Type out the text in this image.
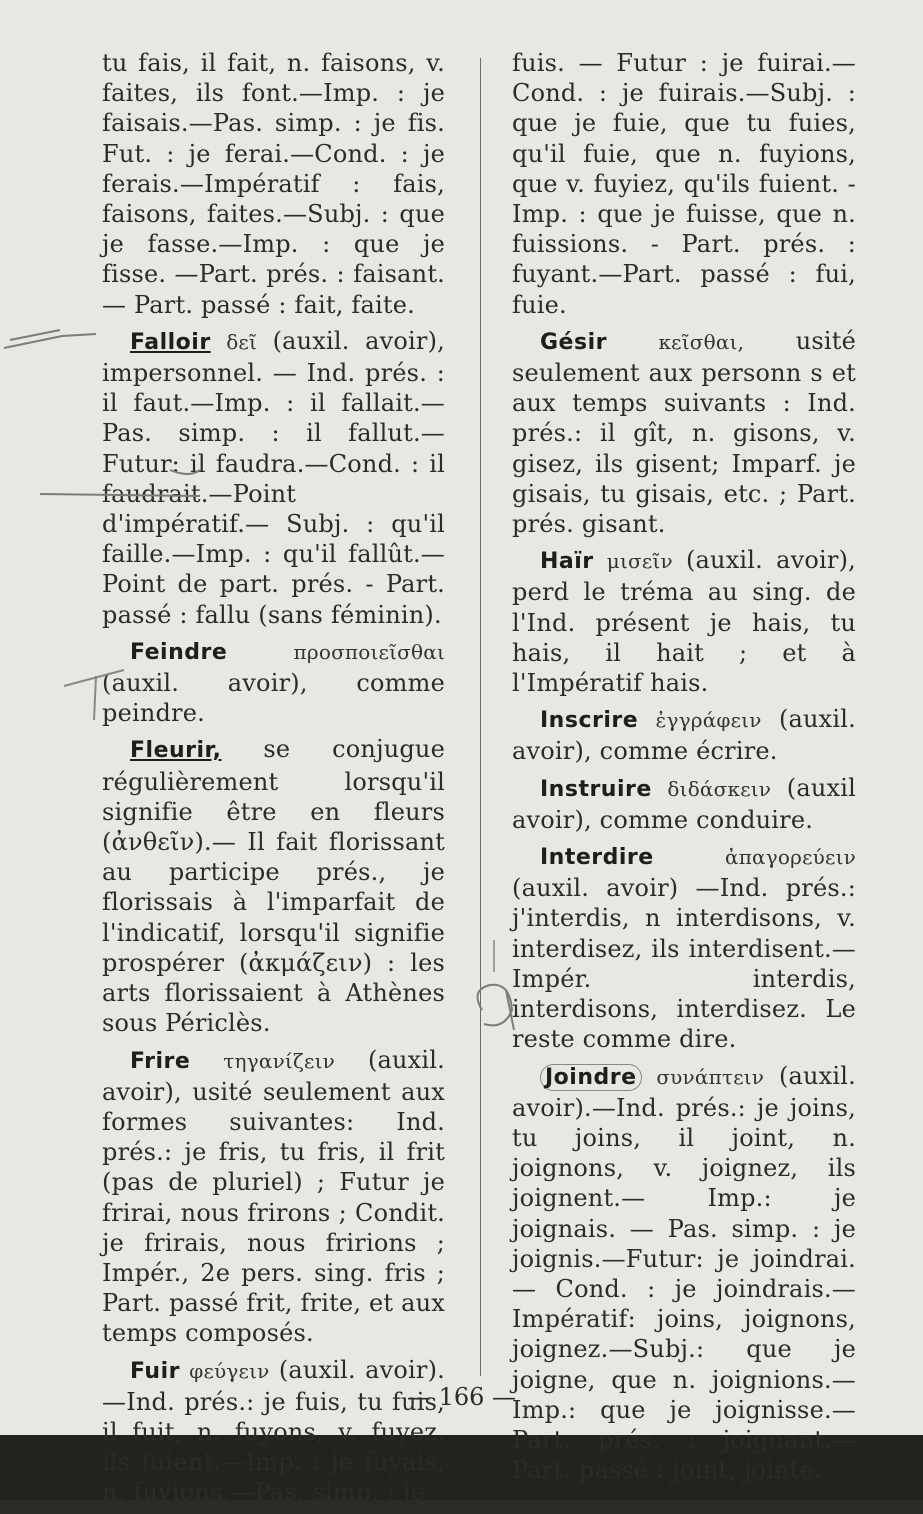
tu fais, il fait, n. faisons, v. faites, ils font.—Imp. : je faisais.—Pas. simp. : je fis. Fut. : je ferai.—Cond. : je ferais.—Impératif : fais, faisons, faites.—Subj. : que je fasse.—Imp. : que je fisse. —Part. prés. : faisant.— Part. passé : fait, faite.

Falloir δεῖ (auxil. avoir), impersonnel. — Ind. prés. : il faut.—Imp. : il fallait.— Pas. simp. : il fallut.—Futur: il faudra.—Cond. : il faudrait.—Point d'impératif.— Subj. : qu'il faille.—Imp. : qu'il fallût.—Point de part. prés. - Part. passé : fallu (sans féminin).

Feindre	προσποιεῖσθαι (auxil. avoir), comme peindre.

Fleurir, se conjugue régulièrement lorsqu'il signifie être en fleurs (ἀνθεῖν).— Il fait florissant au participe prés., je florissais à l'imparfait de l'indicatif, lorsqu'il signifie prospérer (ἀκμάζειν) : les arts florissaient à Athènes sous Périclès.

Frire τηγανίζειν (auxil. avoir), usité seulement aux formes suivantes: Ind. prés.: je fris, tu fris, il frit (pas de pluriel) ; Futur je frirai, nous frirons ; Condit. je frirais, nous fririons ; Impér., 2e pers. sing. fris ; Part. passé frit, frite, et aux temps composés.

Fuir φεύγειν (auxil. avoir). —Ind. prés.: je fuis, tu fuis, il fuit, n. fuyons, v. fuyez, ils fuient.—Imp. : je fuyais, n. fuyions.—Pas. simp. : je

fuis. — Futur : je fuirai.— Cond. : je fuirais.—Subj. : que je fuie, que tu fuies, qu'il fuie, que n. fuyions, que v. fuyiez, qu'ils fuient. - Imp. : que je fuisse, que n. fuissions. - Part. prés. : fuyant.—Part. passé : fui, fuie.

Gésir	κεῖσθαι, usité seulement aux personn s et aux temps suivants : Ind. prés.: il gît, n. gisons, v. gisez, ils gisent; Imparf. je gisais, tu gisais, etc. ; Part. prés. gisant.

Haïr μισεῖν (auxil. avoir), perd le tréma au sing. de l'Ind. présent je hais, tu hais, il hait ; et à l'Impératif hais.

Inscrire ἐγγράφειν (auxil. avoir), comme écrire.

Instruire διδάσκειν (auxil avoir), comme conduire.

Interdire	ἀπαγορεύειν (auxil. avoir) —Ind. prés.: j'interdis, n interdisons, v. interdisez, ils interdisent.— Impér. interdis, interdisons, interdisez. Le reste comme dire.

Joindre συνάπτειν (auxil. avoir).—Ind. prés.: je joins, tu joins, il joint, n. joignons, v. joignez, ils joignent.— Imp.: je joignais. — Pas. simp. : je joignis.—Futur: je joindrai.— Cond. : je joindrais.—Impératif: joins, joignons, joignez.—Subj.: que je joigne, que n. joignions.— Imp.: que je joignisse.— Part. prés. : joignant.— Part. passé : joint, jointe.

— 166 —
